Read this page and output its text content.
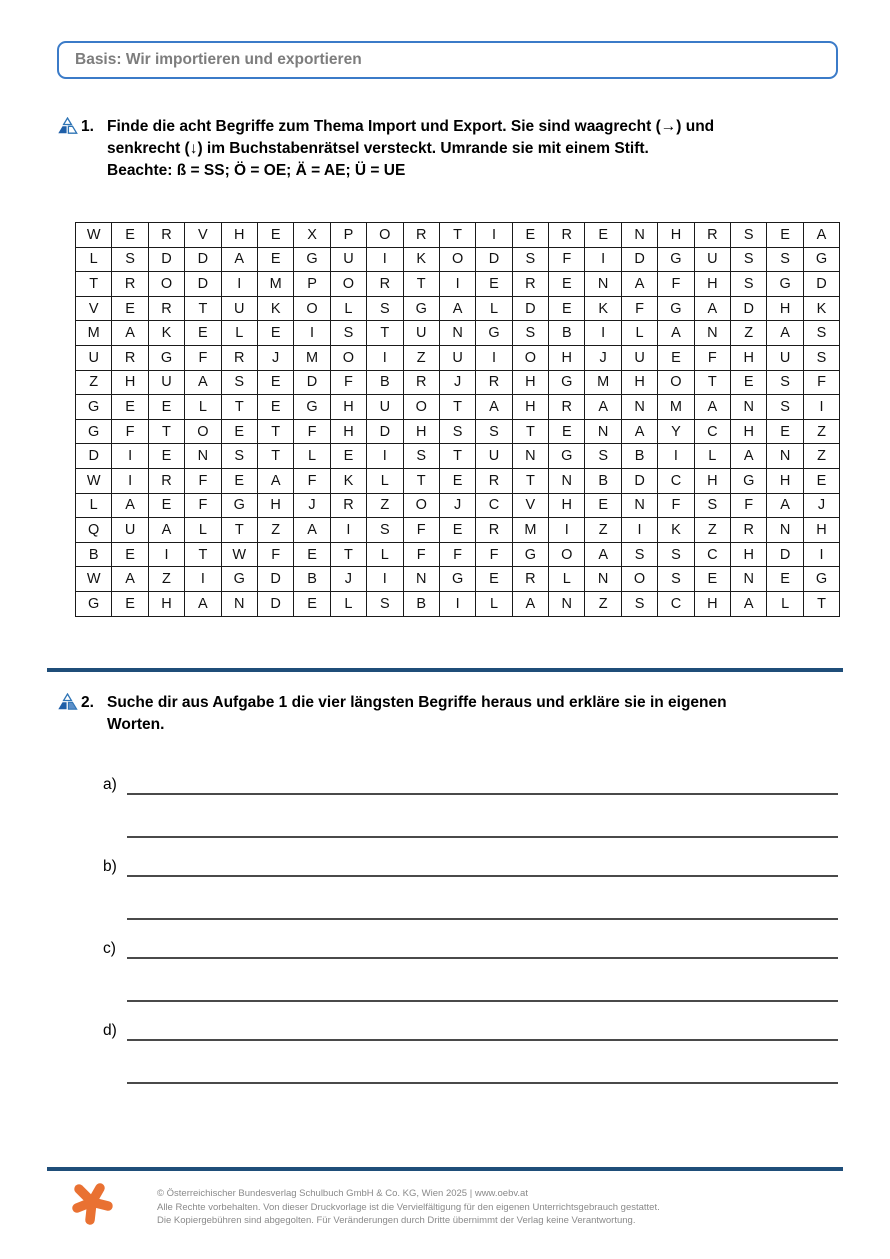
Basis: Wir importieren und exportieren
1. Finde die acht Begriffe zum Thema Import und Export. Sie sind waagrecht (→) und
senkrecht (↓) im Buchstabenrätsel versteckt. Umrande sie mit einem Stift.
Beachte: ß = SS; Ö = OE; Ä = AE; Ü = UE
W	E	R	V	H	E	X	P	O	R	T	I	E	R	E	N	H	R	S	E	A
L	S	D	D	A	E	G	U	I	K	O	D	S	F	I	D	G	U	S	S	G
T	R	O	D	I	M	P	O	R	T	I	E	R	E	N	A	F	H	S	G	D
V	E	R	T	U	K	O	L	S	G	A	L	D	E	K	F	G	A	D	H	K
M	A	K	E	L	E	I	S	T	U	N	G	S	B	I	L	A	N	Z	A	S
U	R	G	F	R	J	M	O	I	Z	U	I	O	H	J	U	E	F	H	U	S
Z	H	U	A	S	E	D	F	B	R	J	R	H	G	M	H	O	T	E	S	F
G	E	E	L	T	E	G	H	U	O	T	A	H	R	A	N	M	A	N	S	I
G	F	T	O	E	T	F	H	D	H	S	S	T	E	N	A	Y	C	H	E	Z
D	I	E	N	S	T	L	E	I	S	T	U	N	G	S	B	I	L	A	N	Z
W	I	R	F	E	A	F	K	L	T	E	R	T	N	B	D	C	H	G	H	E
L	A	E	F	G	H	J	R	Z	O	J	C	V	H	E	N	F	S	F	A	J
Q	U	A	L	T	Z	A	I	S	F	E	R	M	I	Z	I	K	Z	R	N	H
B	E	I	T	W	F	E	T	L	F	F	F	G	O	A	S	S	C	H	D	I
W	A	Z	I	G	D	B	J	I	N	G	E	R	L	N	O	S	E	N	E	G
G	E	H	A	N	D	E	L	S	B	I	L	A	N	Z	S	C	H	A	L	T
2. Suche dir aus Aufgabe 1 die vier längsten Begriffe heraus und erkläre sie in eigenen
Worten.
a)
b)
c)
d)
© Österreichischer Bundesverlag Schulbuch GmbH & Co. KG, Wien 2025 | www.oebv.at
Alle Rechte vorbehalten. Von dieser Druckvorlage ist die Vervielfältigung für den eigenen Unterrichtsgebrauch gestattet.
Die Kopiergebühren sind abgegolten. Für Veränderungen durch Dritte übernimmt der Verlag keine Verantwortung.
